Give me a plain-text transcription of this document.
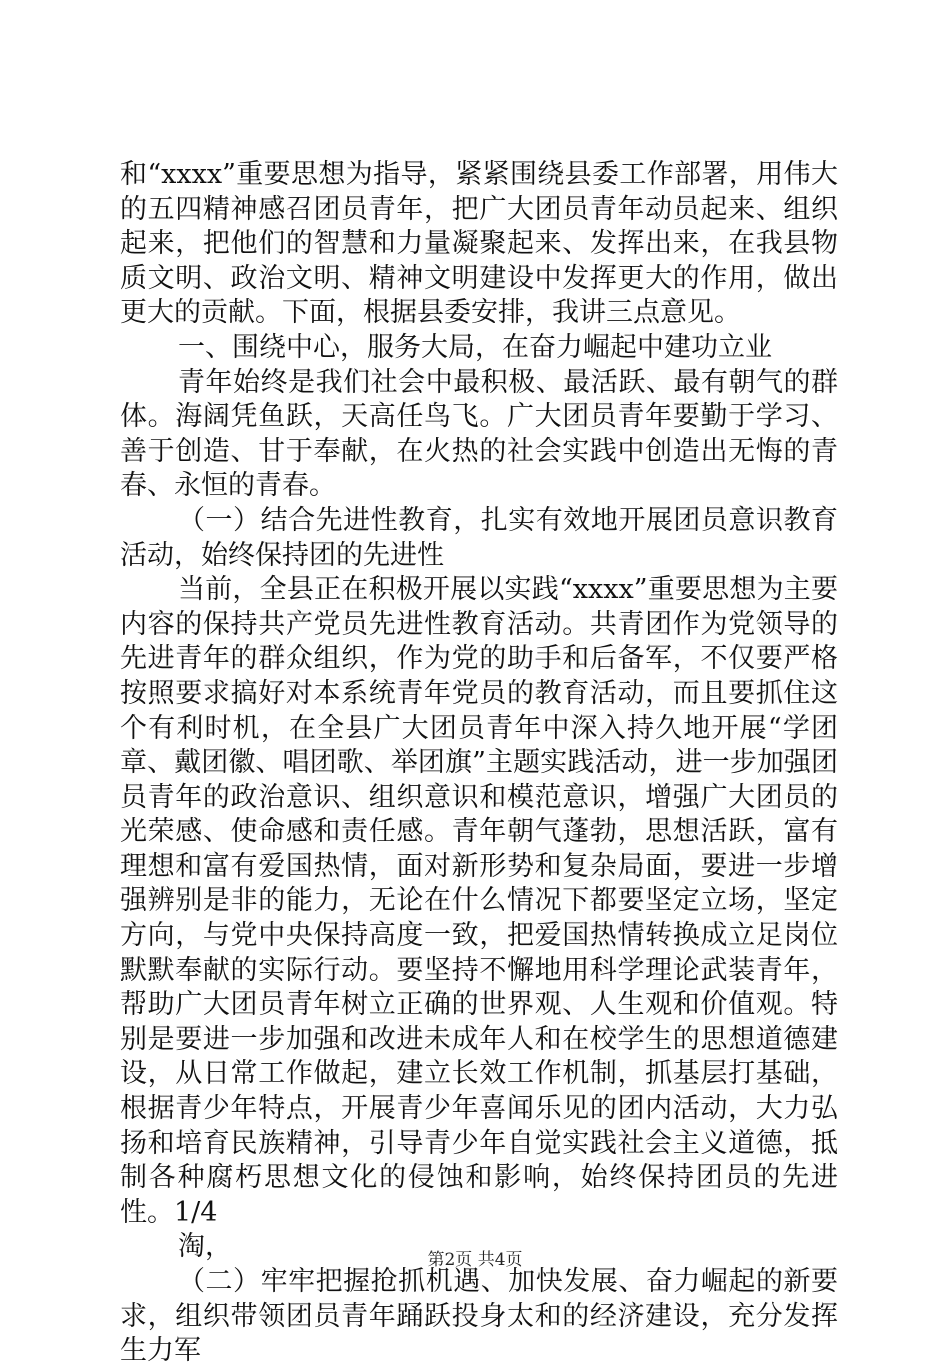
和“xxxx”重要思想为指导，紧紧围绕县委工作部署，用伟大的五四精神感召团员青年，把广大团员青年动员起来、组织起来，把他们的智慧和力量凝聚起来、发挥出来，在我县物质文明、政治文明、精神文明建设中发挥更大的作用，做出更大的贡献。下面，根据县委安排，我讲三点意见。

一、围绕中心，服务大局，在奋力崛起中建功立业

青年始终是我们社会中最积极、最活跃、最有朝气的群体。海阔凭鱼跃，天高任鸟飞。广大团员青年要勤于学习、善于创造、甘于奉献，在火热的社会实践中创造出无悔的青春、永恒的青春。

（一）结合先进性教育，扎实有效地开展团员意识教育活动，始终保持团的先进性

当前，全县正在积极开展以实践“xxxx”重要思想为主要内容的保持共产党员先进性教育活动。共青团作为党领导的先进青年的群众组织，作为党的助手和后备军，不仅要严格按照要求搞好对本系统青年党员的教育活动，而且要抓住这个有利时机，在全县广大团员青年中深入持久地开展“学团章、戴团徽、唱团歌、举团旗”主题实践活动，进一步加强团员青年的政治意识、组织意识和模范意识，增强广大团员的光荣感、使命感和责任感。青年朝气蓬勃，思想活跃，富有理想和富有爱国热情，面对新形势和复杂局面，要进一步增强辨别是非的能力，无论在什么情况下都要坚定立场，坚定方向，与党中央保持高度一致，把爱国热情转换成立足岗位默默奉献的实际行动。要坚持不懈地用科学理论武装青年，帮助广大团员青年树立正确的世界观、人生观和价值观。特别是要进一步加强和改进未成年人和在校学生的思想道德建设，从日常工作做起，建立长效工作机制，抓基层打基础，根据青少年特点，开展青少年喜闻乐见的团内活动，大力弘扬和培育民族精神，引导青少年自觉实践社会主义道德，抵制各种腐朽思想文化的侵蚀和影响，始终保持团员的先进性。1/4

淘，

（二）牢牢把握抢抓机遇、加快发展、奋力崛起的新要求，组织带领团员青年踊跃投身太和的经济建设，充分发挥生力军

第2页 共4页
